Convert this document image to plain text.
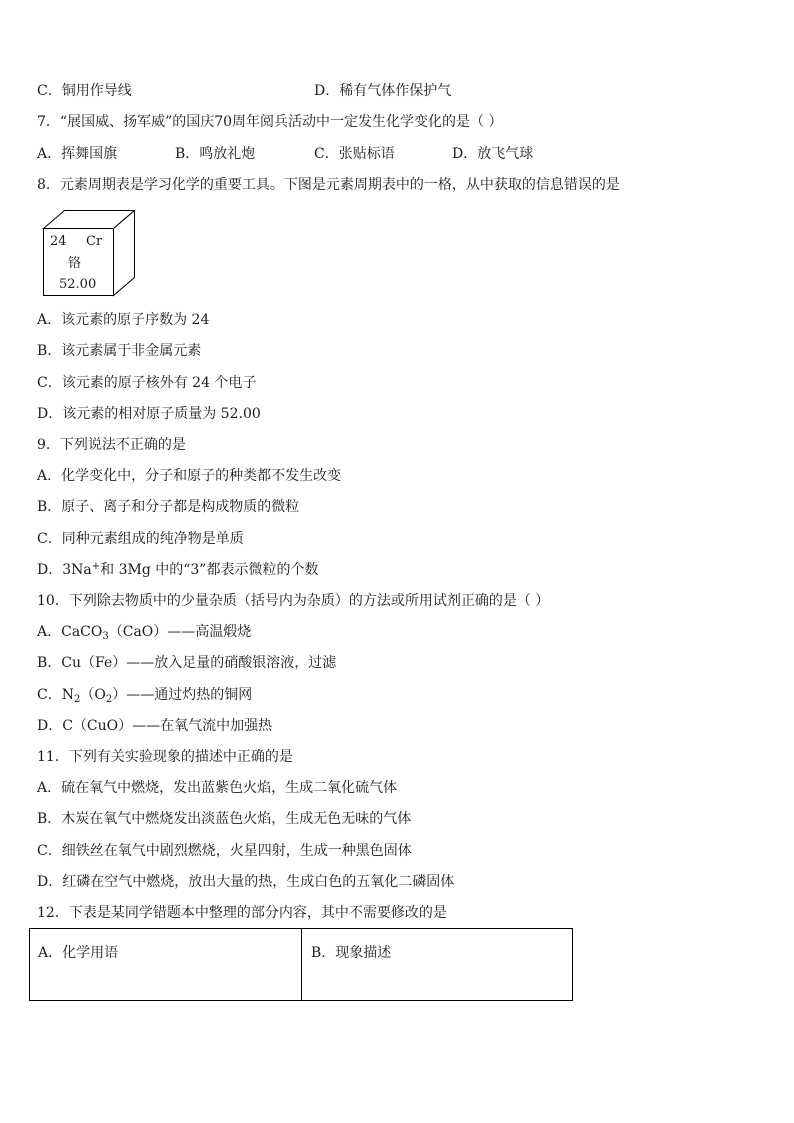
C．铜用作导线	D．稀有气体作保护气
7．“展国威、扬军威”的国庆70周年阅兵活动中一定发生化学变化的是（ ）
A．挥舞国旗	B．鸣放礼炮	C．张贴标语	D．放飞气球
8．元素周期表是学习化学的重要工具。下图是元素周期表中的一格，从中获取的信息错误的是
24 Cr
铬
52.00
A．该元素的原子序数为 24
B．该元素属于非金属元素
C．该元素的原子核外有 24 个电子
D．该元素的相对原子质量为 52.00
9．下列说法不正确的是
A．化学变化中，分子和原子的种类都不发生改变
B．原子、离子和分子都是构成物质的微粒
C．同种元素组成的纯净物是单质
D．3Na+和 3Mg 中的“3”都表示微粒的个数
10．下列除去物质中的少量杂质（括号内为杂质）的方法或所用试剂正确的是（ ）
A．CaCO$_3$（CaO）——高温煅烧
B．Cu（Fe）——放入足量的硝酸银溶液，过滤
C．$N_2(O_2)——$通过灼热的铜网
D．C（CuO）——在氧气流中加强热
11．下列有关实验现象的描述中正确的是
A．硫在氧气中燃烧，发出蓝紫色火焰，生成二氧化硫气体
B．木炭在氧气中燃烧发出淡蓝色火焰，生成无色无味的气体
C．细铁丝在氧气中剧烈燃烧，火星四射，生成一种黑色固体
D．红磷在空气中燃烧，放出大量的热，生成白色的五氧化二磷固体
12．下表是某同学错题本中整理的部分内容，其中不需要修改的是
A．化学用语	B．现象描述
